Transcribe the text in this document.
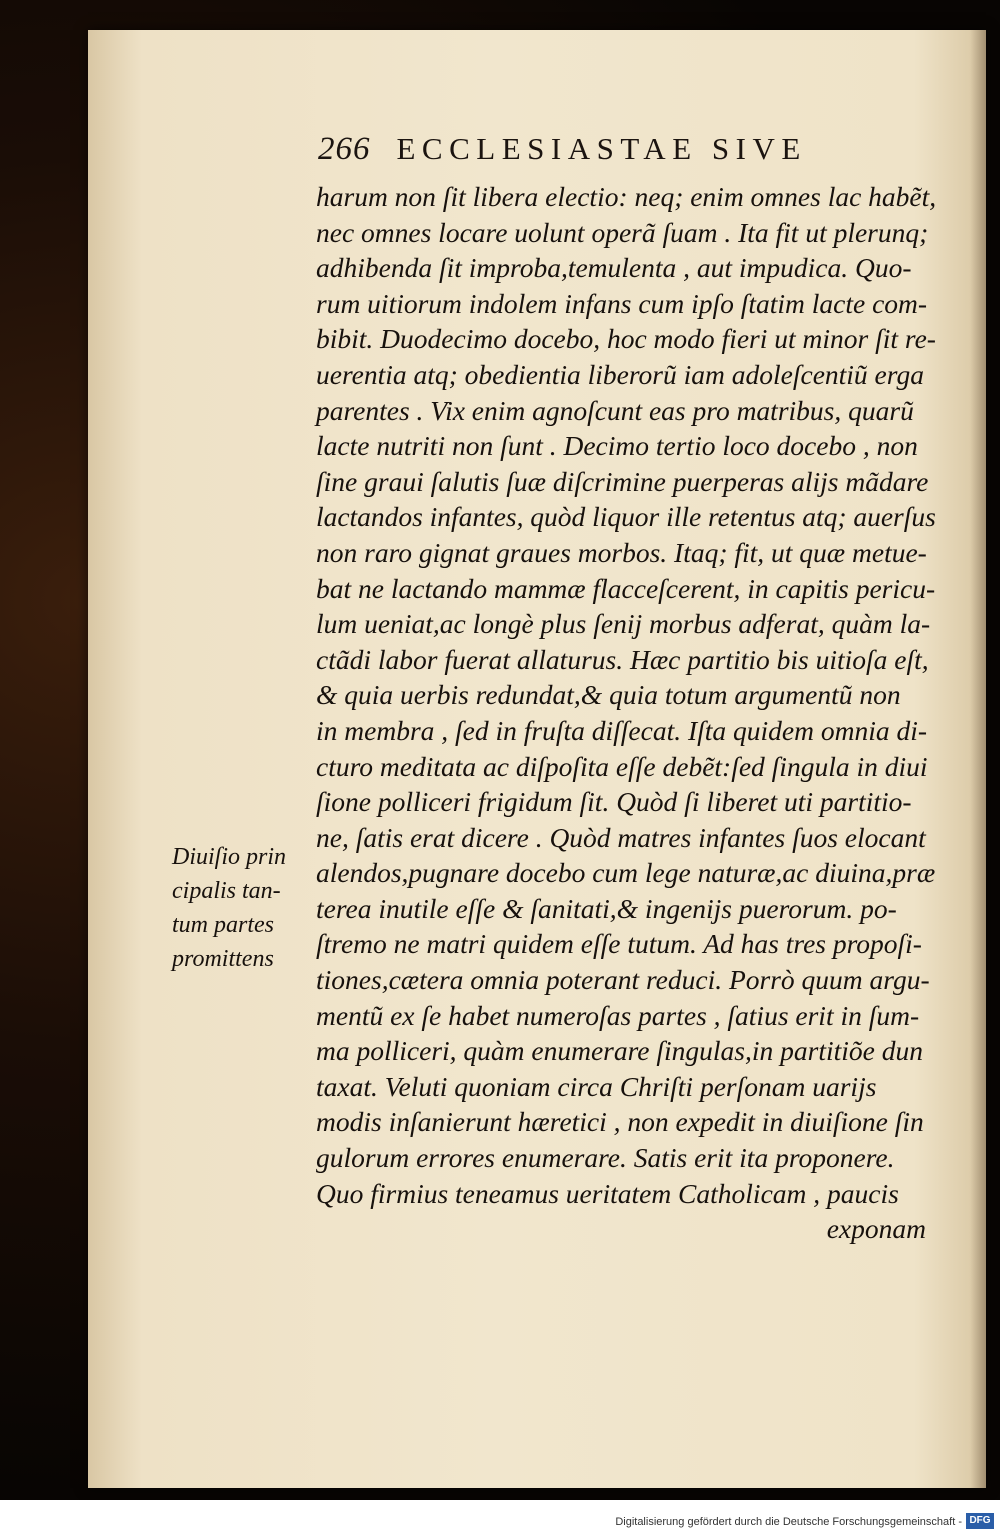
266 ECCLESIASTAE SIVE
harum non ſit libera electio: neq; enim omnes lac habẽt,
nec omnes locare uolunt operã ſuam . Ita fit ut plerunq;
adhibenda ſit improba,temulenta , aut impudica. Quo-
rum uitiorum indolem infans cum ipſo ſtatim lacte com-
bibit. Duodecimo docebo, hoc modo fieri ut minor ſit re-
uerentia atq; obedientia liberorũ iam adoleſcentiũ erga
parentes . Vix enim agnoſcunt eas pro matribus, quarũ
lacte nutriti non ſunt . Decimo tertio loco docebo , non
ſine graui ſalutis ſuæ diſcrimine puerperas alijs mãdare
lactandos infantes, quòd liquor ille retentus atq; auerſus
non raro gignat graues morbos. Itaq; fit, ut quæ metue-
bat ne lactando mammæ flacceſcerent, in capitis pericu-
lum ueniat,ac longè plus ſenij morbus adferat, quàm la-
ctãdi labor fuerat allaturus. Hæc partitio bis uitioſa eſt,
& quia uerbis redundat,& quia totum argumentũ non
in membra , ſed in fruſta diſſecat. Iſta quidem omnia di-
cturo meditata ac diſpoſita eſſe debẽt:ſed ſingula in diui
ſione polliceri frigidum ſit. Quòd ſi liberet uti partitio-
ne, ſatis erat dicere . Quòd matres infantes ſuos elocant
alendos,pugnare docebo cum lege naturæ,ac diuina,præ
terea inutile eſſe & ſanitati,& ingenijs puerorum. po-
ſtremo ne matri quidem eſſe tutum. Ad has tres propoſi-
tiones,cætera omnia poterant reduci. Porrò quum argu-
mentũ ex ſe habet numeroſas partes , ſatius erit in ſum-
ma polliceri, quàm enumerare ſingulas,in partitiõe dun
taxat. Veluti quoniam circa Chriſti perſonam uarijs
modis inſanierunt hæretici , non expedit in diuiſione ſin
gulorum errores enumerare. Satis erit ita proponere.
Quo firmius teneamus ueritatem Catholicam , paucis
exponam
Diuiſio prin
cipalis tan-
tum partes
promittens
Digitalisierung gefördert durch die Deutsche Forschungsgemeinschaft - DFG
